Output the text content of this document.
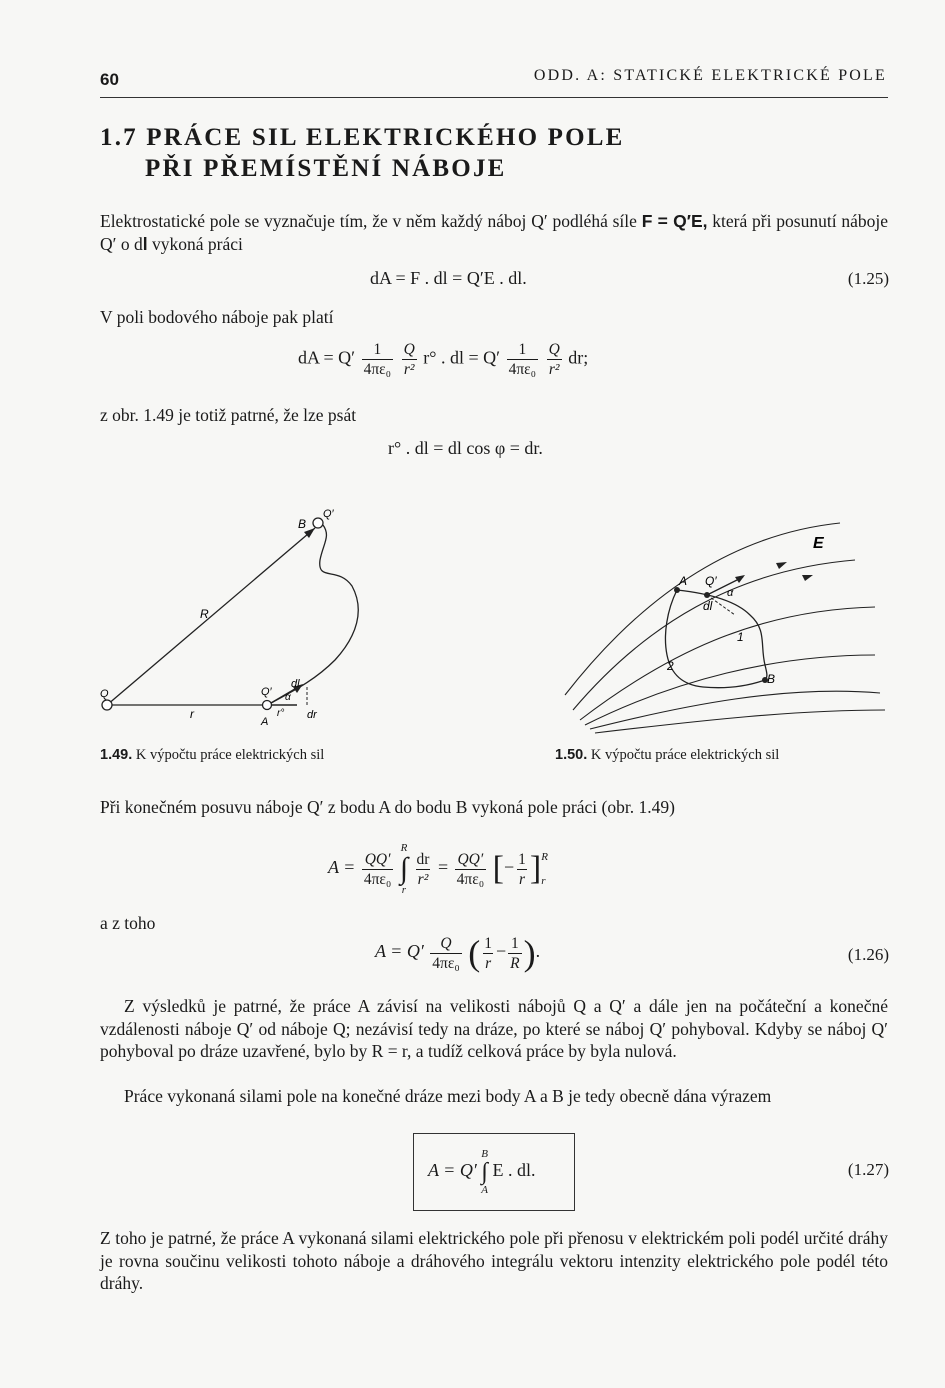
60	ODD. A: STATICKÉ ELEKTRICKÉ POLE
1.7 PRÁCE SIL ELEKTRICKÉHO POLE
PŘI PŘEMÍSTĚNÍ NÁBOJE
Elektrostatické pole se vyznačuje tím, že v něm každý náboj Q′ podléhá síle F = Q′E, která při posunutí náboje Q′ o dl vykoná práci
dA = F . dl = Q′E . dl.	(1.25)
V poli bodového náboje pak platí
dA = $Q' \frac{1}{\text{4πε₀}}$
$\frac{Q}{\text{r²}} r^\circ$ . dl = $Q' \frac{1}{\text{4πε₀}}$
$\frac{Q}{\text{r²}}$ dr;
z obr. 1.49 je totiž patrné, že lze psát
r° . dl = dl cos φ = dr.
B
Q′
R
Q
r
Q′
A
dl
α
r° dr
1.49. K výpočtu práce elektrických sil
E
A Q′
α
dl
1
2
B
1.50. K výpočtu práce elektrických sil
Při konečném posuvu náboje Q′ z bodu A do bodu B vykoná pole práci (obr. 1.49)
$A = \frac{QQ'}{\text{4πε₀}}$

R
∫
r

$\frac{dr}{\text{r²}} = \frac{QQ'}{\text{4πε₀}}$ [− $\frac{1}{r}$ ] R
r
a z toho
$A = Q' \frac{Q}{\text{4πε₀}}$ ( $\frac{1}{r} - \frac{1}{R}$ ).	(1.26)
Z výsledků je patrné, že práce A závisí na velikosti nábojů Q a Q′ a dále jen na počáteční a konečné vzdálenosti náboje Q′ od náboje Q; nezávisí tedy na dráze, po které se náboj Q′ pohyboval. Kdyby se náboj Q′ pohyboval po dráze uzavřené, bylo by R = r, a tudíž celková práce by byla nulová.
Práce vykonaná silami pole na konečné dráze mezi body A a B je tedy obecně dána výrazem
A = Q′
B
∫
A
E . dl.	(1.27)
Z toho je patrné, že práce A vykonaná silami elektrického pole při přenosu v elektrickém poli podél určité dráhy je rovna součinu velikosti tohoto náboje a dráhového integrálu vektoru intenzity elektrického pole podél této dráhy.
